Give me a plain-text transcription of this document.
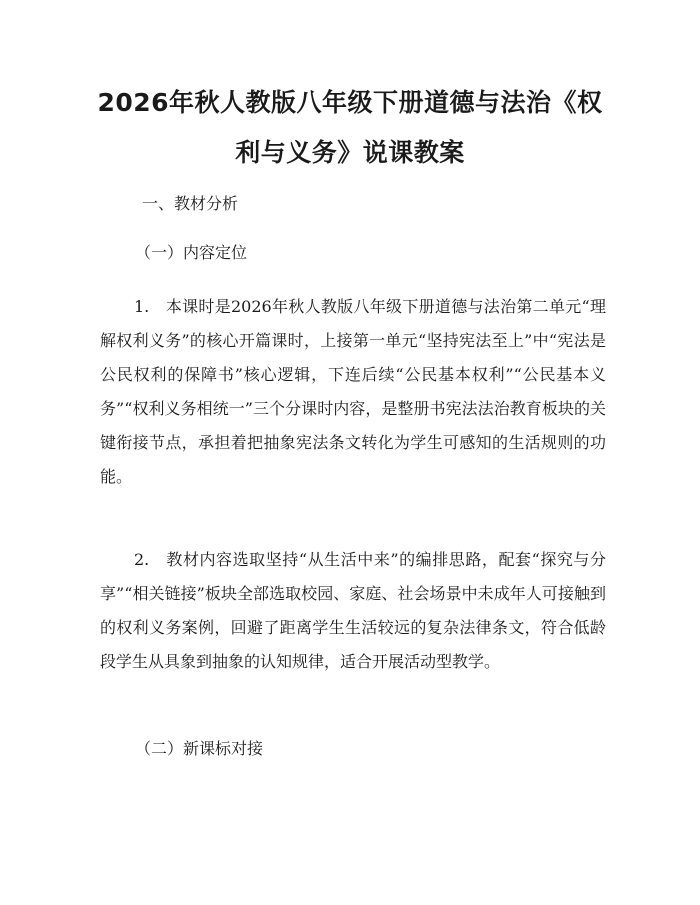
2026年秋人教版八年级下册道德与法治《权利与义务》说课教案
一、教材分析
（一）内容定位

1.　本课时是2026年秋人教版八年级下册道德与法治第二单元“理解权利义务”的核心开篇课时，上接第一单元“坚持宪法至上”中“宪法是公民权利的保障书”核心逻辑，下连后续“公民基本权利”“公民基本义务”“权利义务相统一”三个分课时内容，是整册书宪法法治教育板块的关键衔接节点，承担着把抽象宪法条文转化为学生可感知的生活规则的功能。

2.　教材内容选取坚持“从生活中来”的编排思路，配套“探究与分享”“相关链接”板块全部选取校园、家庭、社会场景中未成年人可接触到的权利义务案例，回避了距离学生生活较远的复杂法律条文，符合低龄段学生从具象到抽象的认知规律，适合开展活动型教学。

（二）新课标对接
